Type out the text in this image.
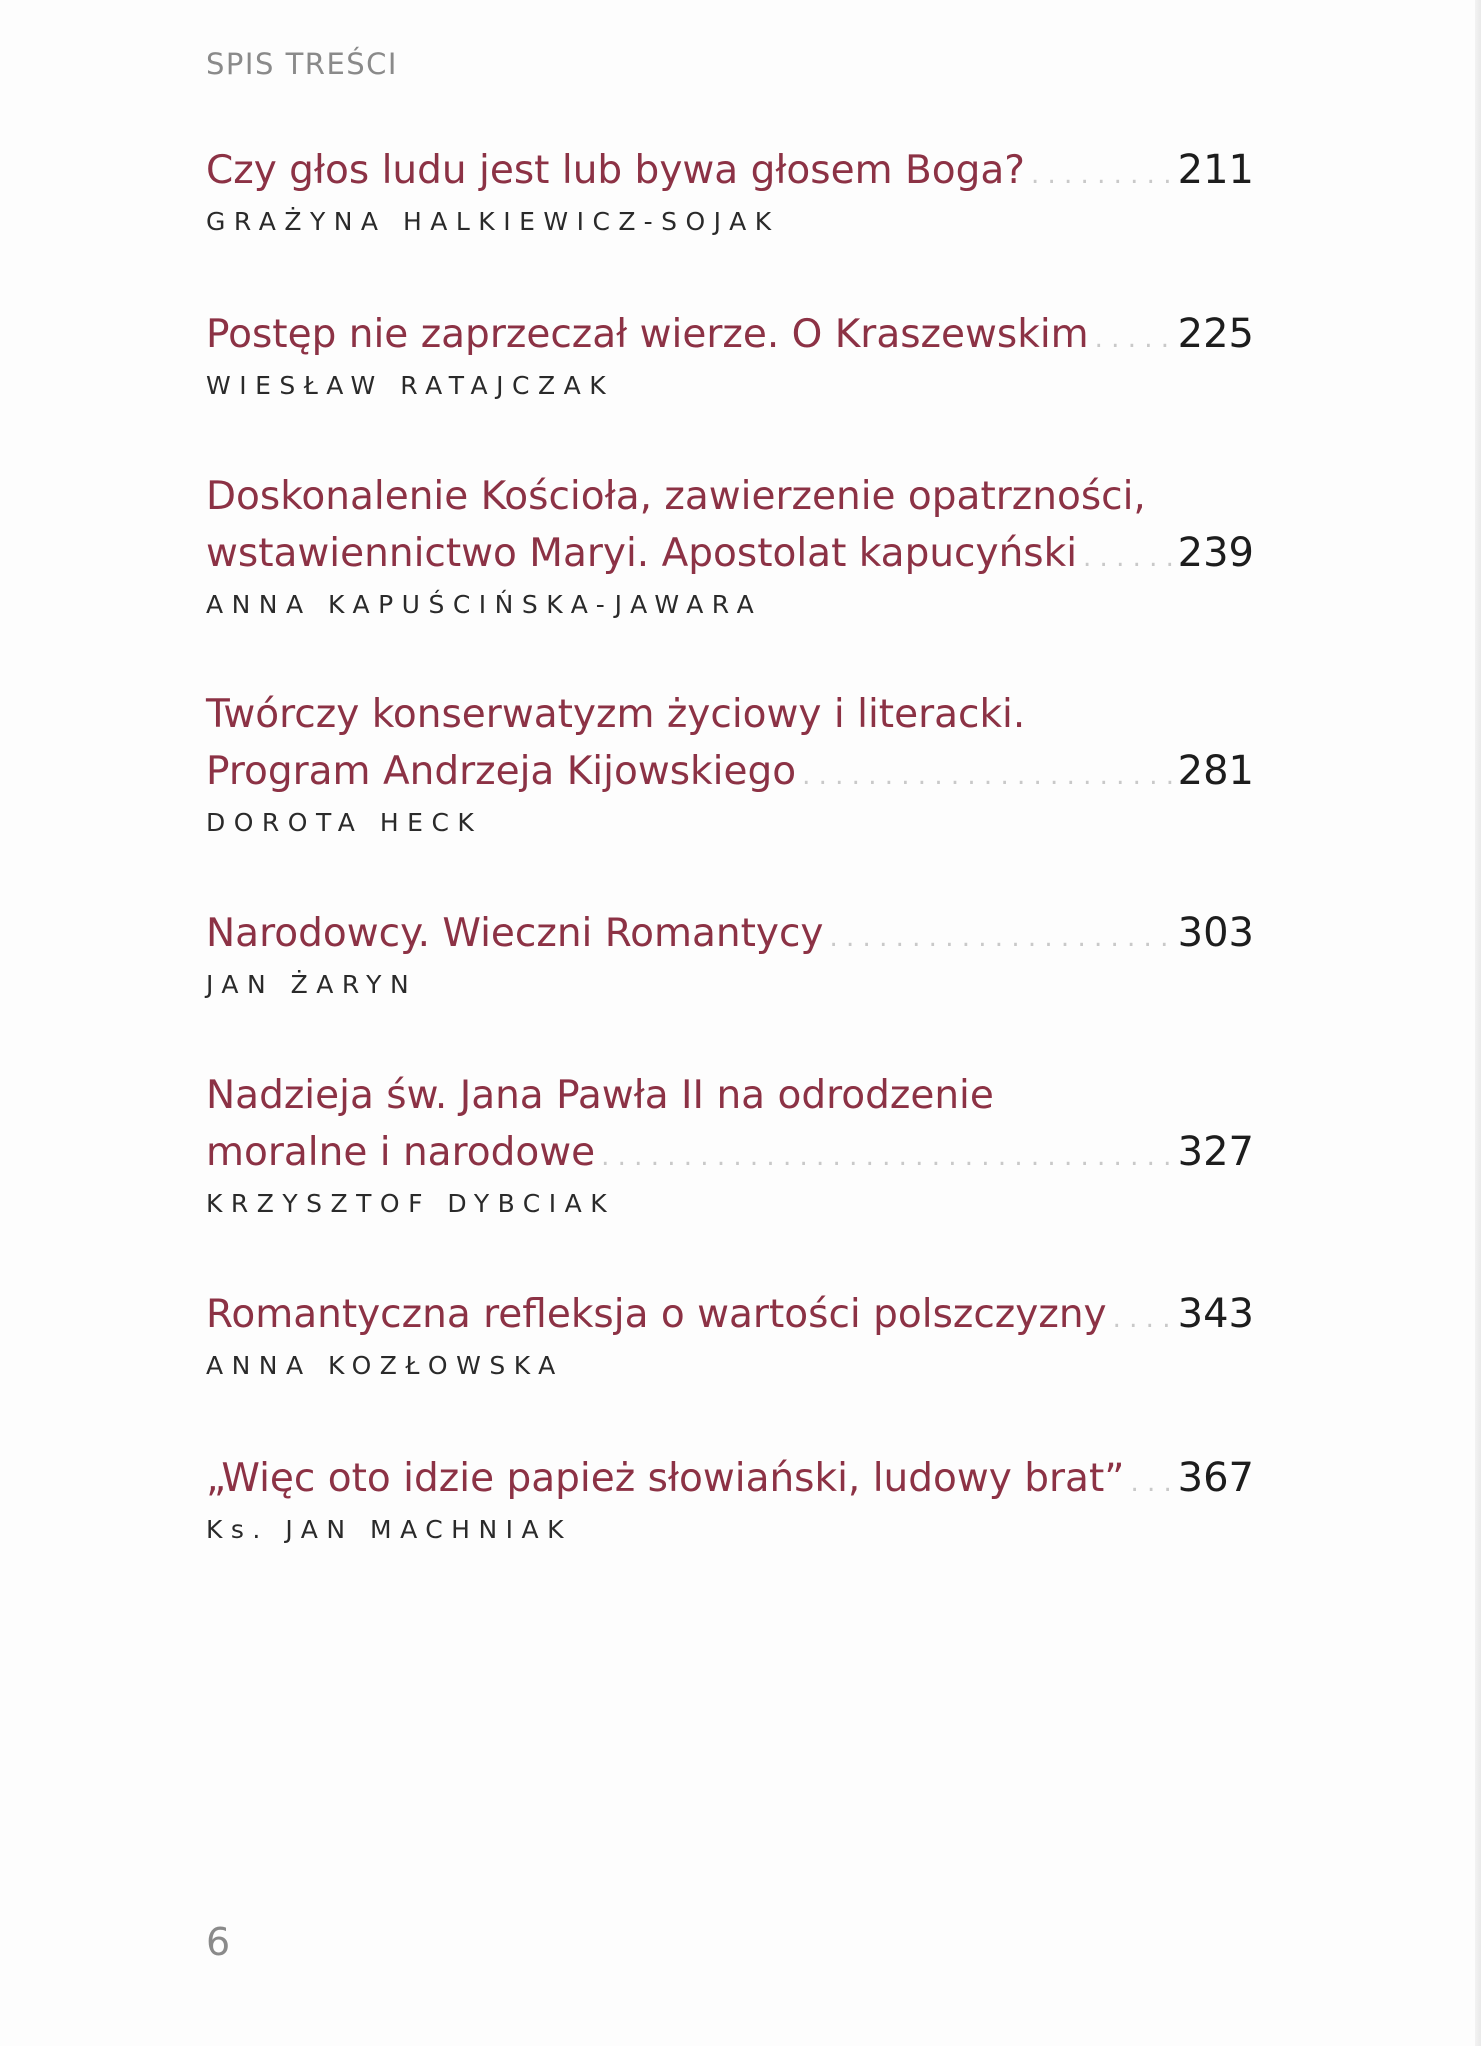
SPIS TREŚCI
Czy głos ludu jest lub bywa głosem Boga? . . .	211
GRAŻYNA HALKIEWICZ-SOJAK
Postęp nie zaprzeczał wierze. O Kraszewskim . . . 225
WIESŁAW RATAJCZAK
Doskonalenie Kościoła, zawierzenie opatrzności,
wstawiennictwo Maryi. Apostolat kapucyński . . .	239
ANNA KAPUŚCIŃSKA-JAWARA
Twórczy konserwatyzm życiowy i literacki.
Program Andrzeja Kijowskiego . . .	281
DOROTA HECK
Narodowcy. Wieczni Romantycy . . .	303
JAN ŻARYN
Nadzieja św. Jana Pawła II na odrodzenie
moralne i narodowe . . .	327
KRZYSZTOF DYBCIAK
Romantyczna refleksja o wartości polszczyzny . . . 343
ANNA KOZŁOWSKA
„Więc oto idzie papież słowiański, ludowy brat” . . . 367
Ks. JAN MACHNIAK
6
